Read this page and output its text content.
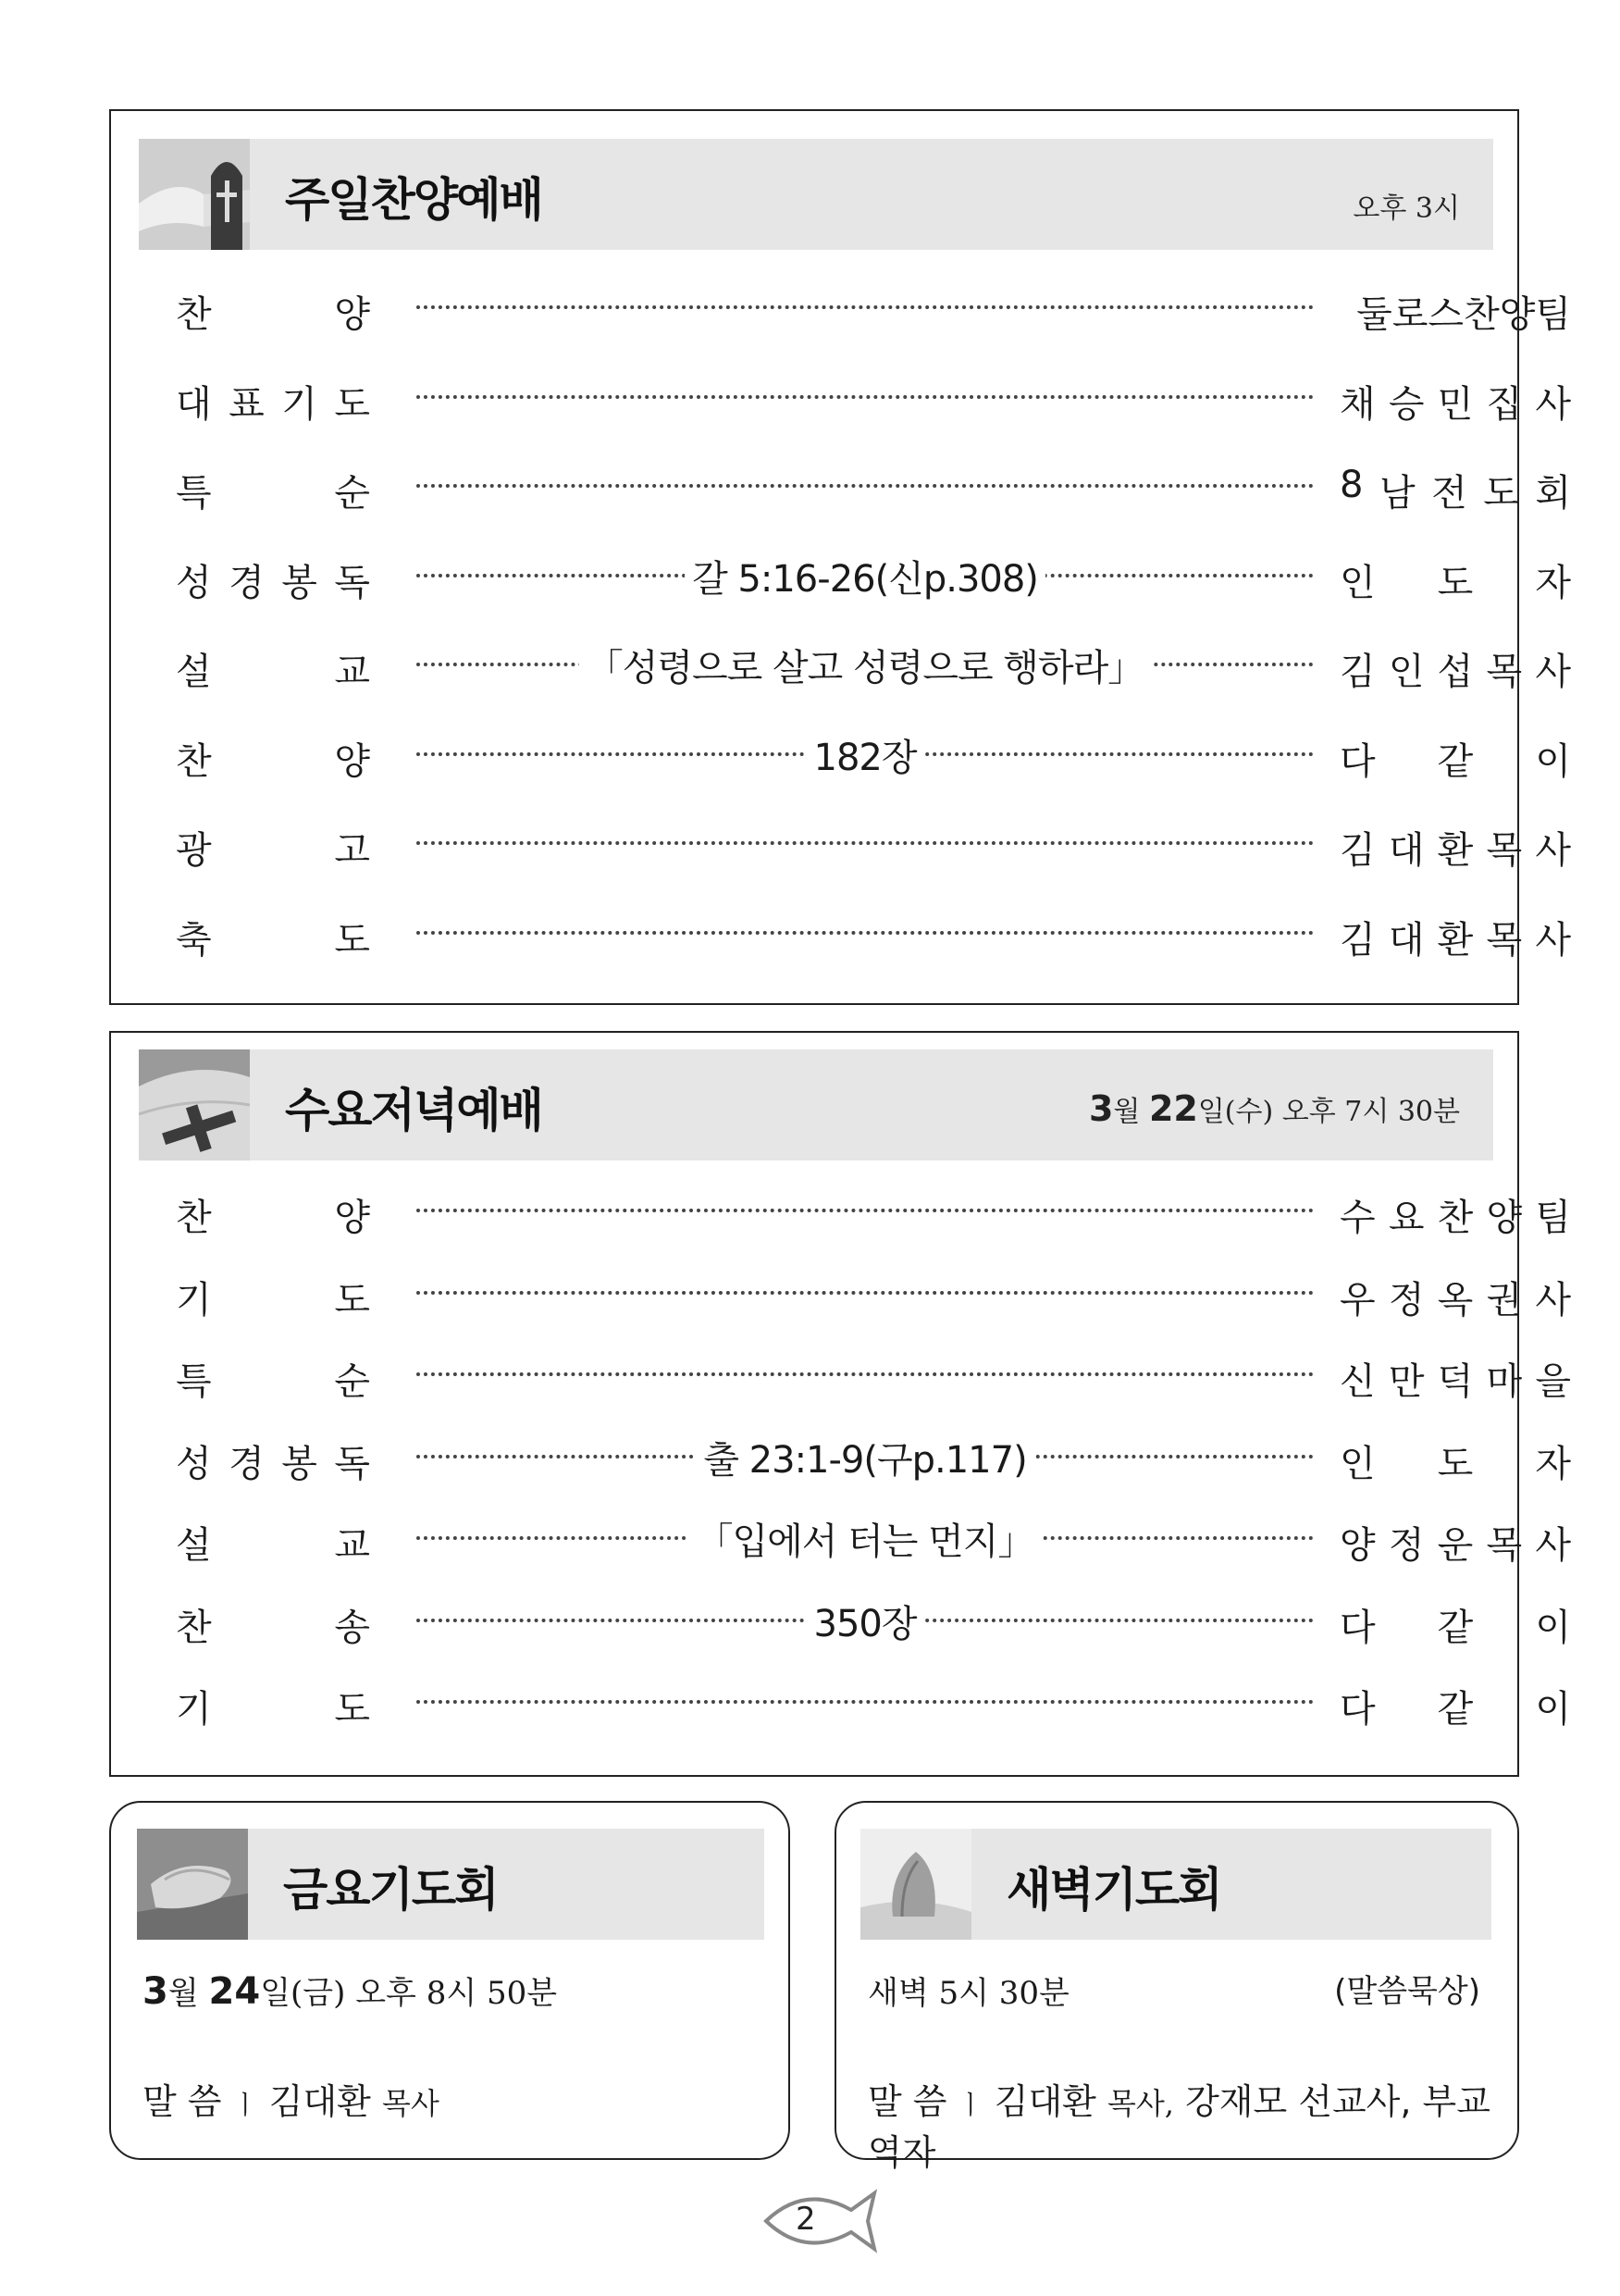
주일찬양예배	오후 3시
찬	양	둘로스찬양팀
대 표 기 도	채 승 민 집 사
특	순	8 남 전 도 회
성 경 봉 독	갈 5:16-26(신p.308)	인 도 자
설	교	「성령으로 살고 성령으로 행하라」	김 인 섭 목 사
찬	양	182장	다 같 이
광	고	김 대 환 목 사
축	도	김 대 환 목 사
수요저녁예배	3월 22일(수) 오후 7시 30분
찬	양	수 요 찬 양 팀
기	도	우 정 옥 권 사
특	순	신 만 덕 마 을
성 경 봉 독	출 23:1-9(구p.117)	인 도 자
설	교	「입에서 터는 먼지」	양 정 운 목 사
찬	송	350장	다 같 이
기	도	다 같 이
금요기도회
3월 24일(금) 오후 8시 50분
말 씀 ㅣ 김대환 목사
새벽기도회
새벽 5시 30분	(말씀묵상)
말 씀 ㅣ 김대환 목사, 강재모 선교사, 부교역자
2
